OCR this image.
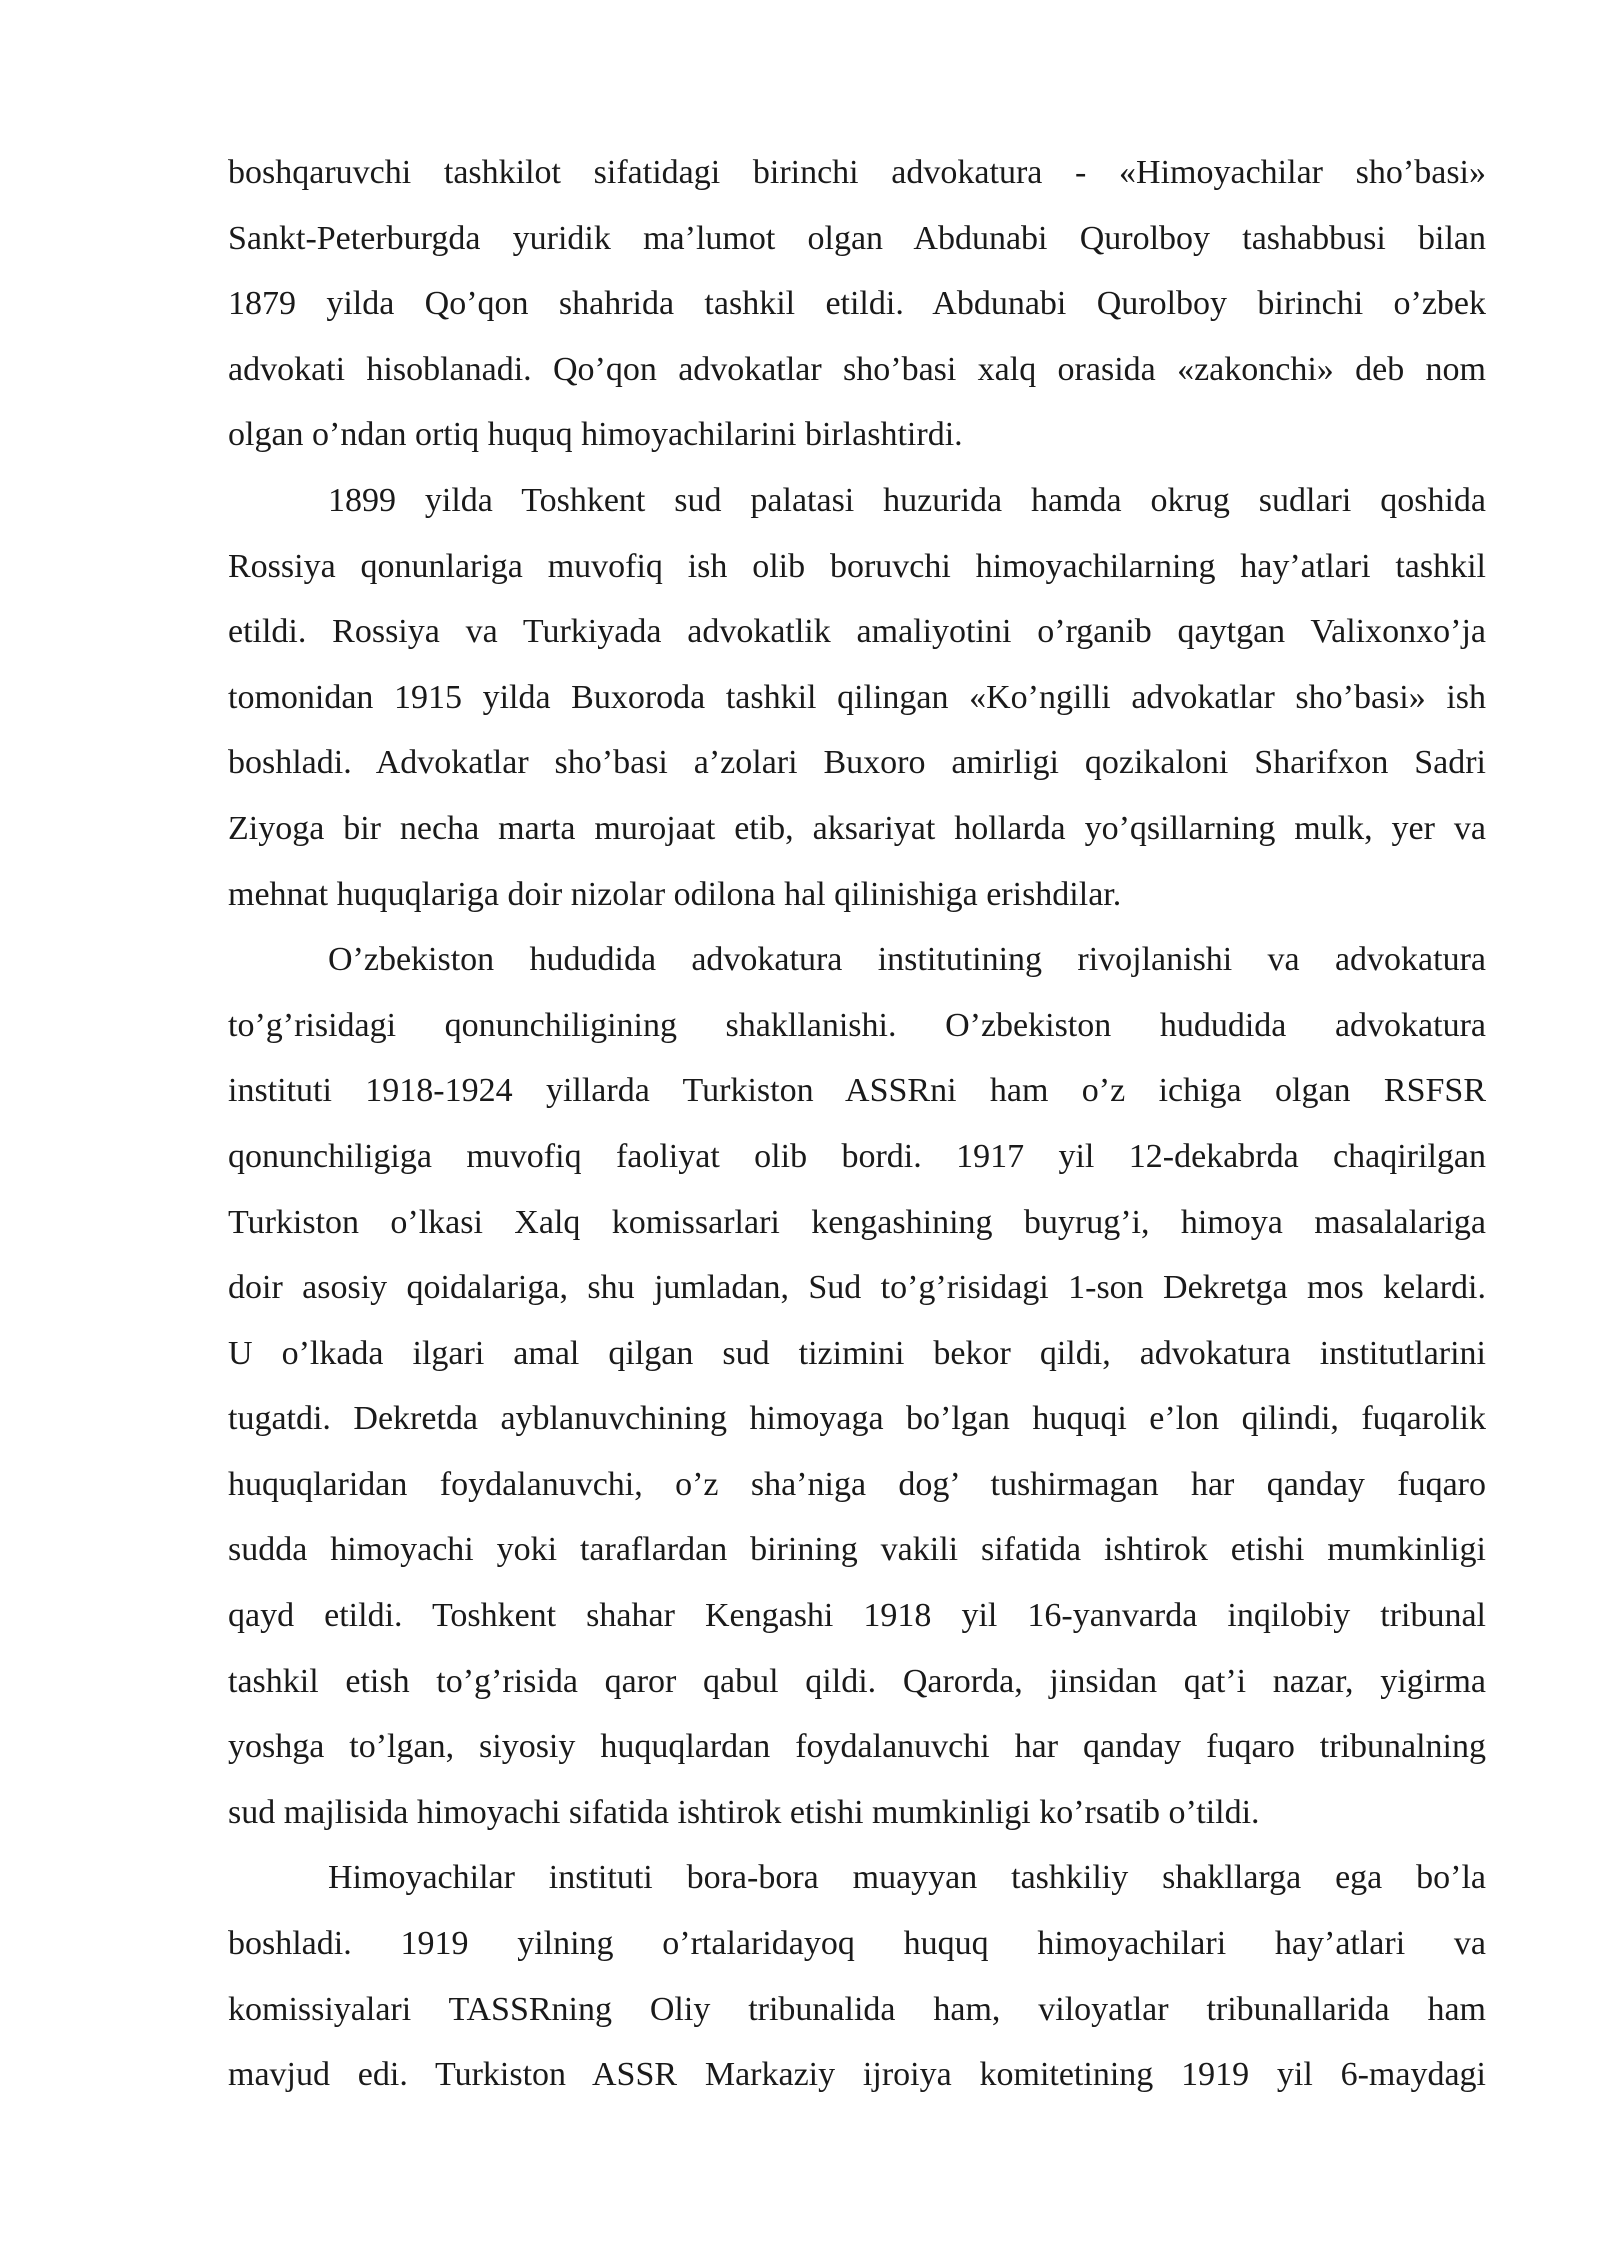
boshqaruvchi tashkilot sifatidagi birinchi advokatura - «Himoyachilar sho’basi»
Sankt-Peterburgda yuridik ma’lumot olgan Abdunabi Qurolboy tashabbusi bilan
1879 yilda Qo’qon shahrida tashkil etildi. Abdunabi Qurolboy birinchi o’zbek
advokati hisoblanadi. Qo’qon advokatlar sho’basi xalq orasida «zakonchi» deb nom
olgan o’ndan ortiq huquq himoyachilarini birlashtirdi.
1899 yilda Toshkent sud palatasi huzurida hamda okrug sudlari qoshida
Rossiya qonunlariga muvofiq ish olib boruvchi himoyachilarning hay’atlari tashkil
etildi. Rossiya va Turkiyada advokatlik amaliyotini o’rganib qaytgan Valixonxo’ja
tomonidan 1915 yilda Buxoroda tashkil qilingan «Ko’ngilli advokatlar sho’basi» ish
boshladi. Advokatlar sho’basi a’zolari Buxoro amirligi qozikaloni Sharifxon Sadri
Ziyoga bir necha marta murojaat etib, aksariyat hollarda yo’qsillarning mulk, yer va
mehnat huquqlariga doir nizolar odilona hal qilinishiga erishdilar.
O’zbekiston hududida advokatura institutining rivojlanishi va advokatura
to’g’risidagi qonunchiligining shakllanishi. O’zbekiston hududida advokatura
instituti 1918-1924 yillarda Turkiston ASSRni ham o’z ichiga olgan RSFSR
qonunchiligiga muvofiq faoliyat olib bordi. 1917 yil 12-dekabrda chaqirilgan
Turkiston o’lkasi Xalq komissarlari kengashining buyrug’i, himoya masalalariga
doir asosiy qoidalariga, shu jumladan, Sud to’g’risidagi 1-son Dekretga mos kelardi.
U o’lkada ilgari amal qilgan sud tizimini bekor qildi, advokatura institutlarini
tugatdi. Dekretda ayblanuvchining himoyaga bo’lgan huquqi e’lon qilindi, fuqarolik
huquqlaridan foydalanuvchi, o’z sha’niga dog’ tushirmagan har qanday fuqaro
sudda himoyachi yoki taraflardan birining vakili sifatida ishtirok etishi mumkinligi
qayd etildi. Toshkent shahar Kengashi 1918 yil 16-yanvarda inqilobiy tribunal
tashkil etish to’g’risida qaror qabul qildi. Qarorda, jinsidan qat’i nazar, yigirma
yoshga to’lgan, siyosiy huquqlardan foydalanuvchi har qanday fuqaro tribunalning
sud majlisida himoyachi sifatida ishtirok etishi mumkinligi ko’rsatib o’tildi.
Himoyachilar instituti bora-bora muayyan tashkiliy shakllarga ega bo’la
boshladi. 1919 yilning o’rtalaridayoq huquq himoyachilari hay’atlari va
komissiyalari TASSRning Oliy tribunalida ham, viloyatlar tribunallarida ham
mavjud edi. Turkiston ASSR Markaziy ijroiya komitetining 1919 yil 6-maydagi
